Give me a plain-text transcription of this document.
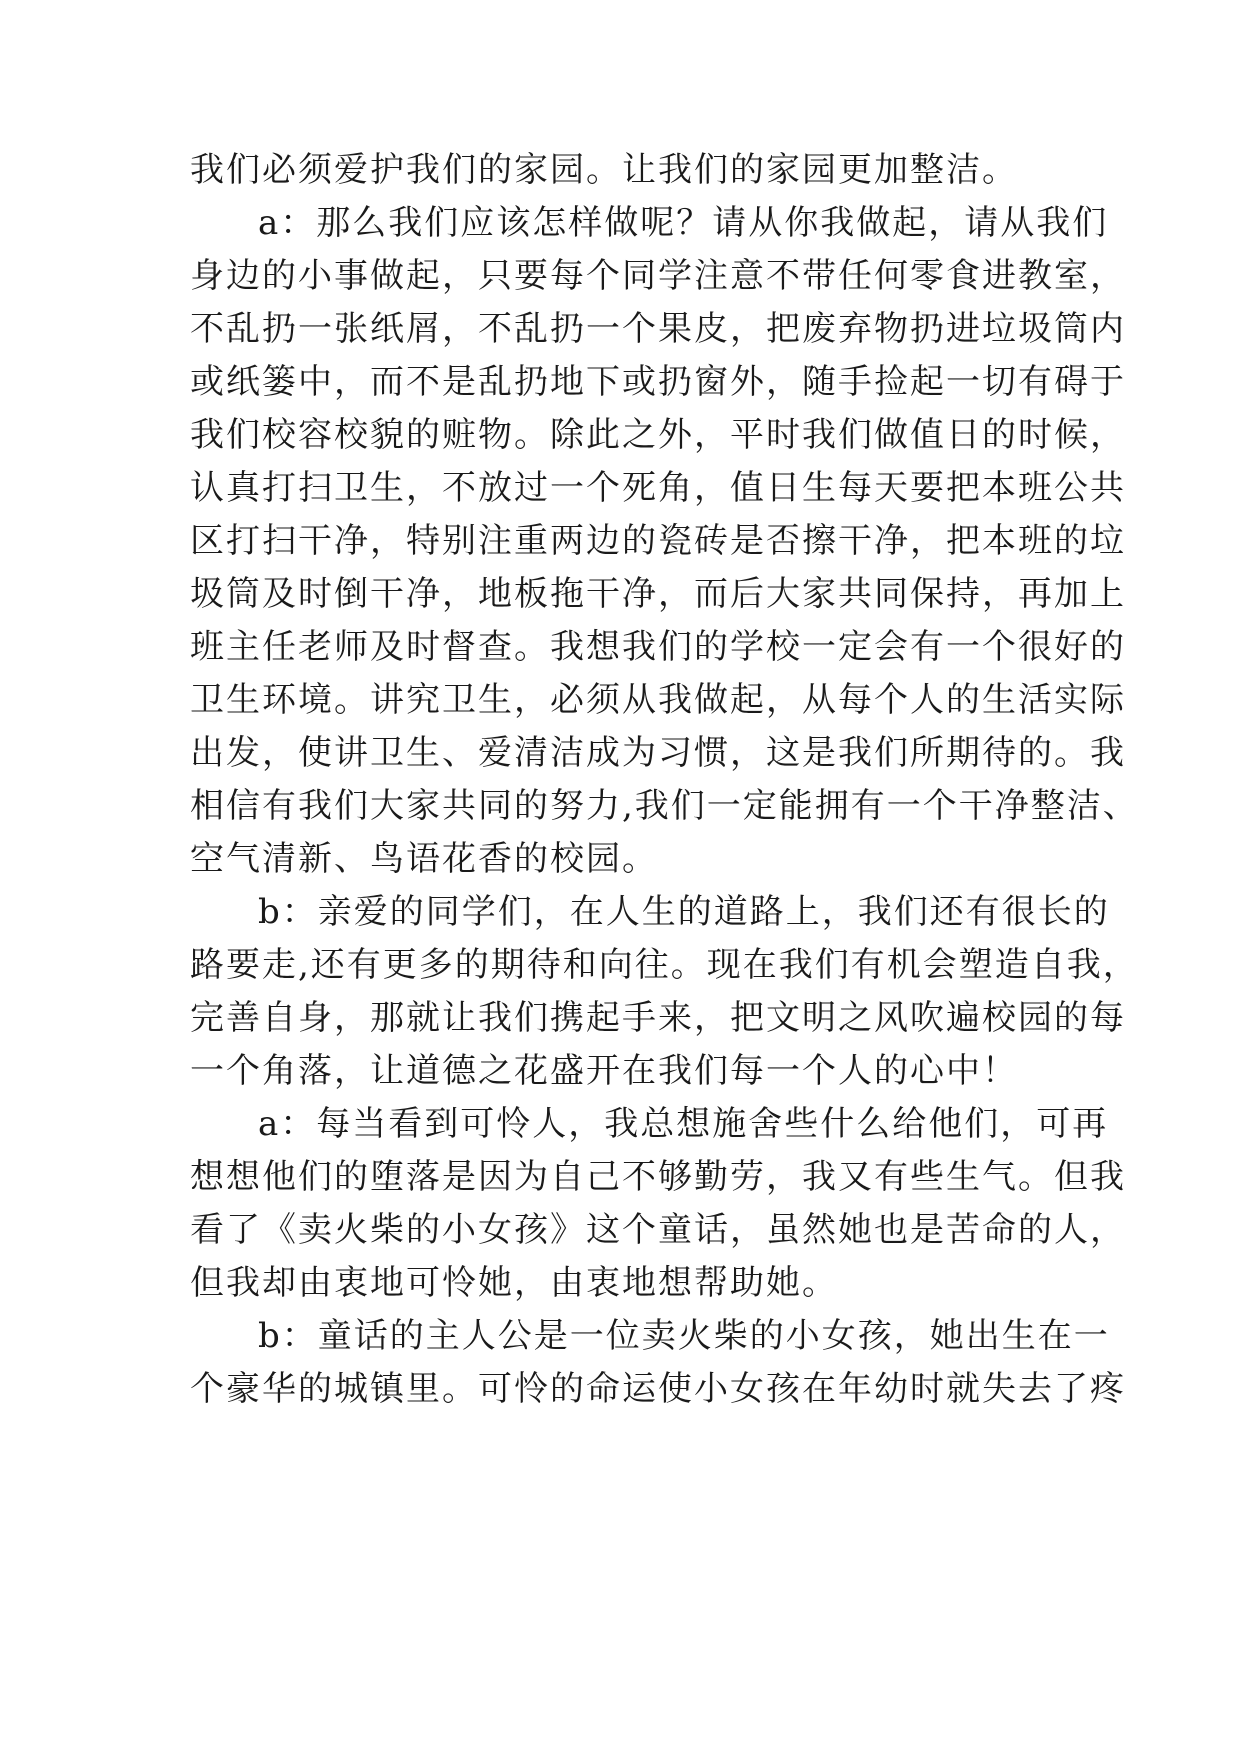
我们必须爱护我们的家园。让我们的家园更加整洁。
a：那么我们应该怎样做呢？请从你我做起，请从我们
身边的小事做起，只要每个同学注意不带任何零食进教室，
不乱扔一张纸屑，不乱扔一个果皮，把废弃物扔进垃圾筒内
或纸篓中，而不是乱扔地下或扔窗外，随手捡起一切有碍于
我们校容校貌的赃物。除此之外，平时我们做值日的时候，
认真打扫卫生，不放过一个死角，值日生每天要把本班公共
区打扫干净，特别注重两边的瓷砖是否擦干净，把本班的垃
圾筒及时倒干净，地板拖干净，而后大家共同保持，再加上
班主任老师及时督查。我想我们的学校一定会有一个很好的
卫生环境。讲究卫生，必须从我做起，从每个人的生活实际
出发，使讲卫生、爱清洁成为习惯，这是我们所期待的。我
相信有我们大家共同的努力,我们一定能拥有一个干净整洁、
空气清新、鸟语花香的校园。
b：亲爱的同学们，在人生的道路上，我们还有很长的
路要走,还有更多的期待和向往。现在我们有机会塑造自我，
完善自身，那就让我们携起手来，把文明之风吹遍校园的每
一个角落，让道德之花盛开在我们每一个人的心中！
a：每当看到可怜人，我总想施舍些什么给他们，可再
想想他们的堕落是因为自己不够勤劳，我又有些生气。但我
看了《卖火柴的小女孩》这个童话，虽然她也是苦命的人，
但我却由衷地可怜她，由衷地想帮助她。
b：童话的主人公是一位卖火柴的小女孩，她出生在一
个豪华的城镇里。可怜的命运使小女孩在年幼时就失去了疼
